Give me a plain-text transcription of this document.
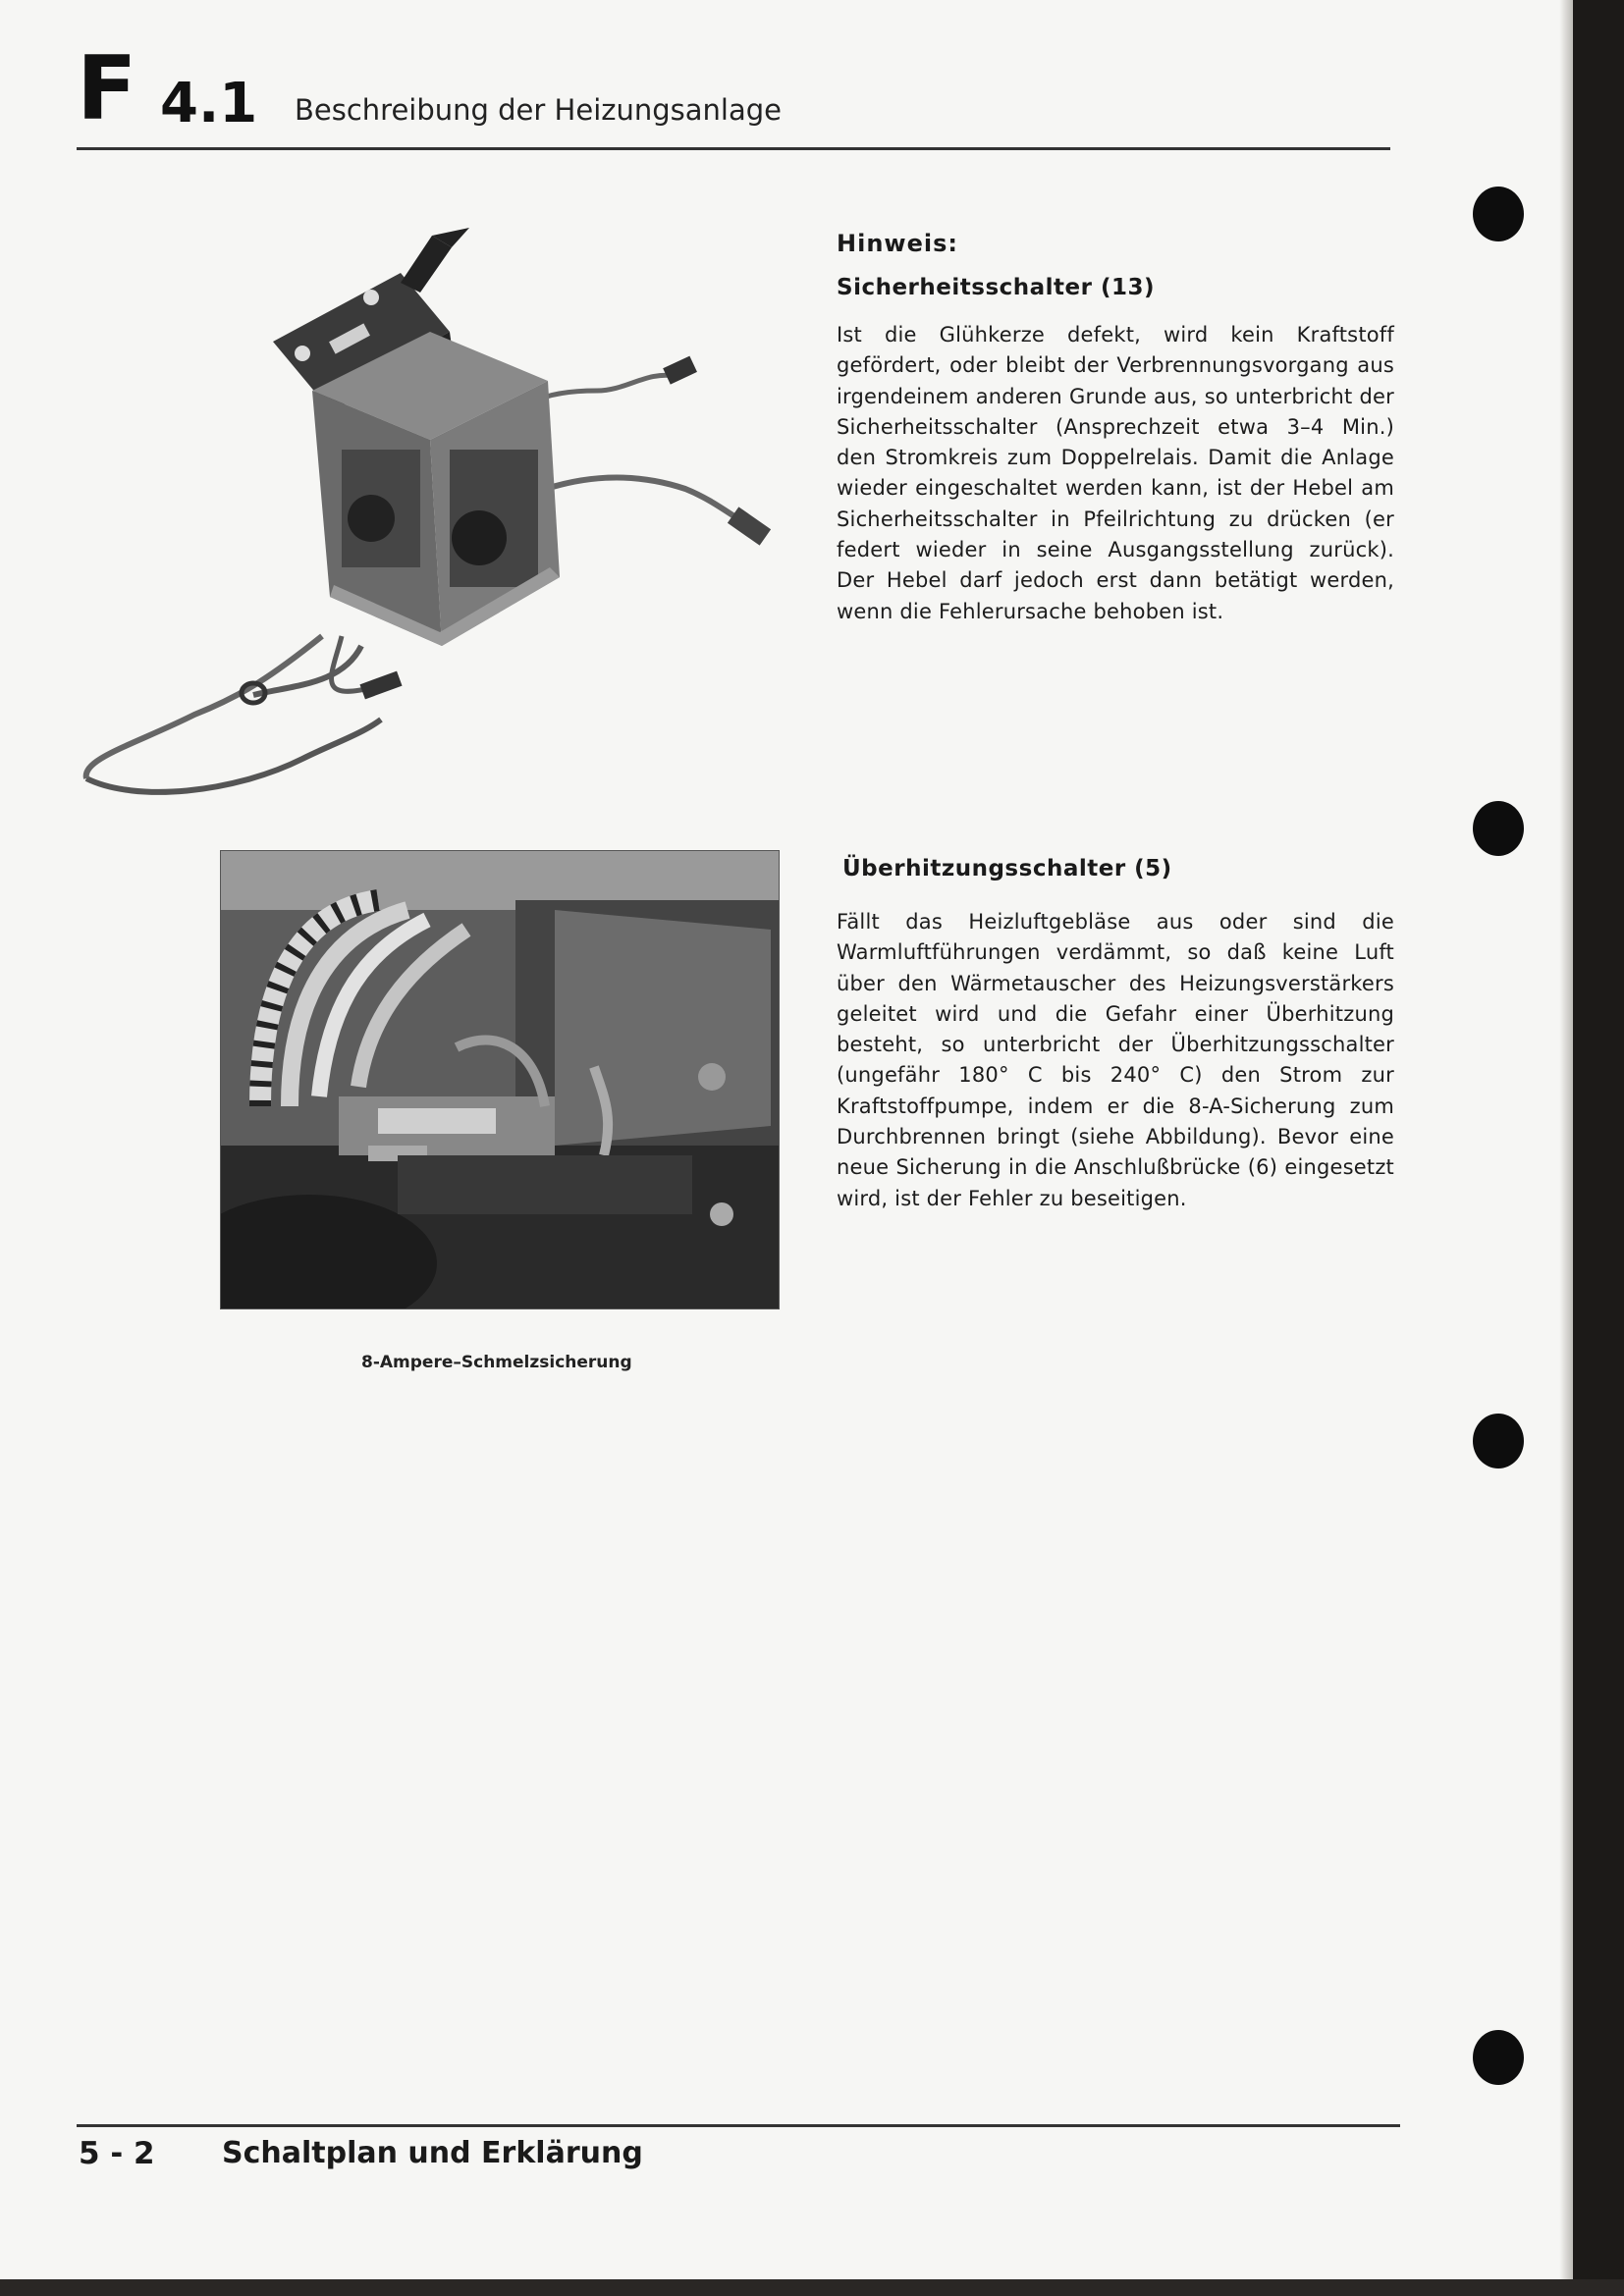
F 4.1 Beschreibung der Heizungsanlage
8-Ampere–Schmelzsicherung
Hinweis:
Sicherheitsschalter (13)

Ist die Glühkerze defekt, wird kein Kraftstoff gefördert, oder bleibt der Verbrennungsvorgang aus irgendeinem anderen Grunde aus, so unterbricht der Sicherheitsschalter (Ansprechzeit etwa 3–4 Min.) den Stromkreis zum Doppelrelais. Damit die Anlage wieder eingeschaltet werden kann, ist der Hebel am Sicherheitsschalter in Pfeilrichtung zu drücken (er federt wieder in seine Ausgangsstellung zurück). Der Hebel darf jedoch erst dann betätigt werden, wenn die Fehlerursache behoben ist.

Überhitzungsschalter (5)

Fällt das Heizluftgebläse aus oder sind die Warmluftführungen verdämmt, so daß keine Luft über den Wärmetauscher des Heizungsverstärkers geleitet wird und die Gefahr einer Überhitzung besteht, so unterbricht der Überhitzungsschalter (ungefähr 180° C bis 240° C) den Strom zur Kraftstoffpumpe, indem er die 8-A-Sicherung zum Durchbrennen bringt (siehe Abbildung). Bevor eine neue Sicherung in die Anschlußbrücke (6) eingesetzt wird, ist der Fehler zu beseitigen.

5 - 2 Schaltplan und Erklärung
